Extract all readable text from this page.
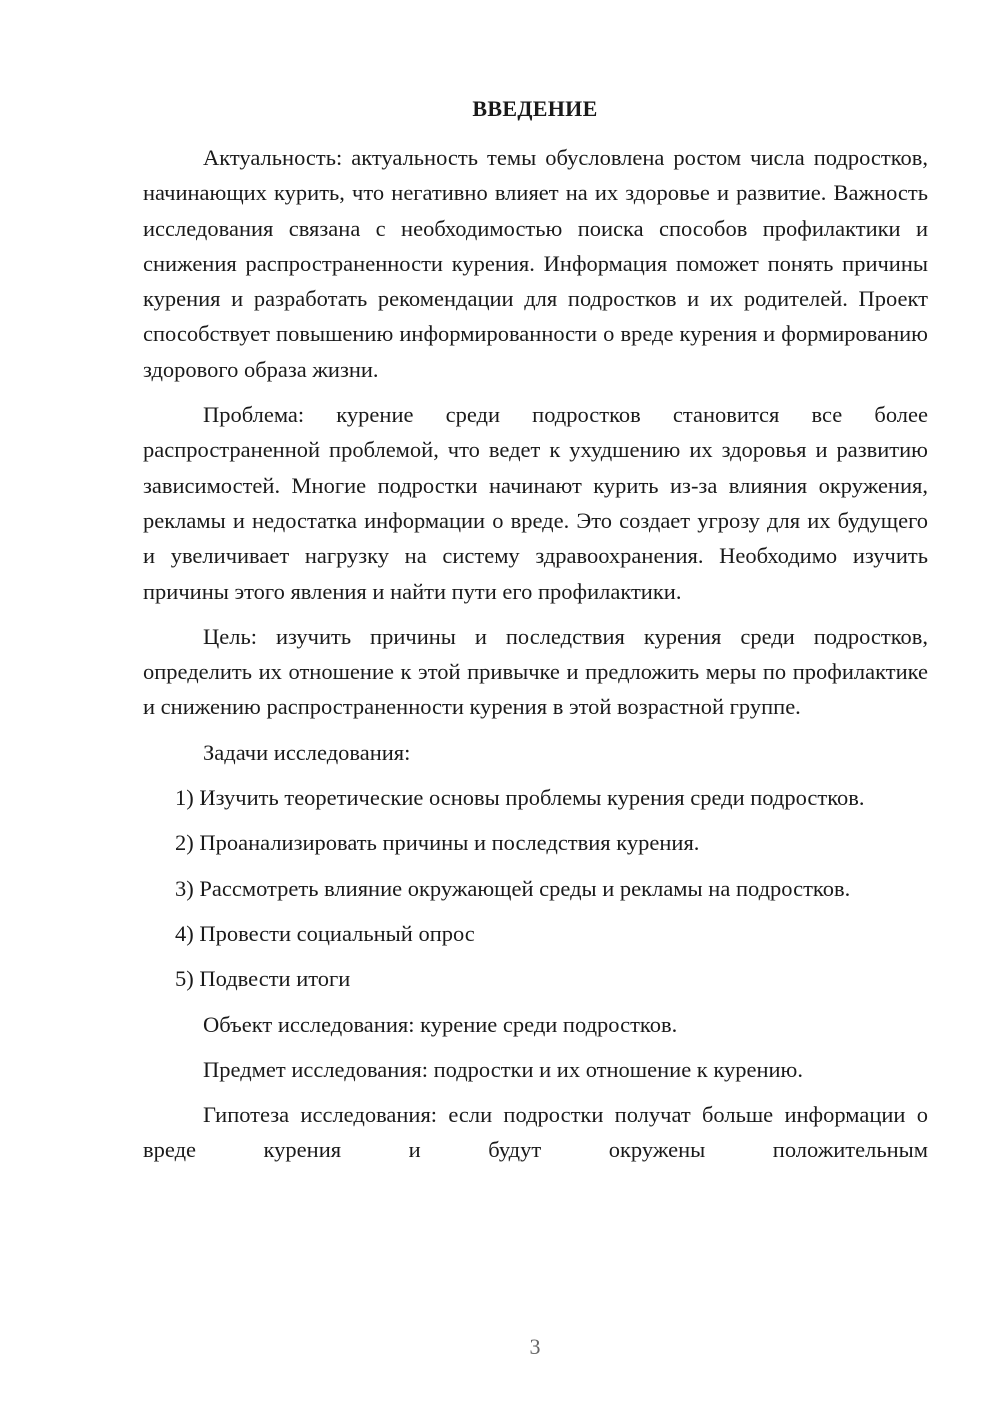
ВВЕДЕНИЕ

Актуальность: актуальность темы обусловлена ростом числа подростков, начинающих курить, что негативно влияет на их здоровье и развитие. Важность исследования связана с необходимостью поиска способов профилактики и снижения распространенности курения. Информация поможет понять причины курения и разработать рекомендации для подростков и их родителей. Проект способствует повышению информированности о вреде курения и формированию здорового образа жизни.

Проблема: курение среди подростков становится все более распространенной проблемой, что ведет к ухудшению их здоровья и развитию зависимостей. Многие подростки начинают курить из-за влияния окружения, рекламы и недостатка информации о вреде. Это создает угрозу для их будущего и увеличивает нагрузку на систему здравоохранения. Необходимо изучить причины этого явления и найти пути его профилактики.

Цель: изучить причины и последствия курения среди подростков, определить их отношение к этой привычке и предложить меры по профилактике и снижению распространенности курения в этой возрастной группе.

Задачи исследования:

1) Изучить теоретические основы проблемы курения среди подростков.

2) Проанализировать причины и последствия курения.

3) Рассмотреть влияние окружающей среды и рекламы на подростков.

4) Провести социальный опрос

5) Подвести итоги

Объект исследования: курение среди подростков.

Предмет исследования: подростки и их отношение к курению.

Гипотеза исследования: если подростки получат больше информации о вреде курения и будут окружены положительным

3
